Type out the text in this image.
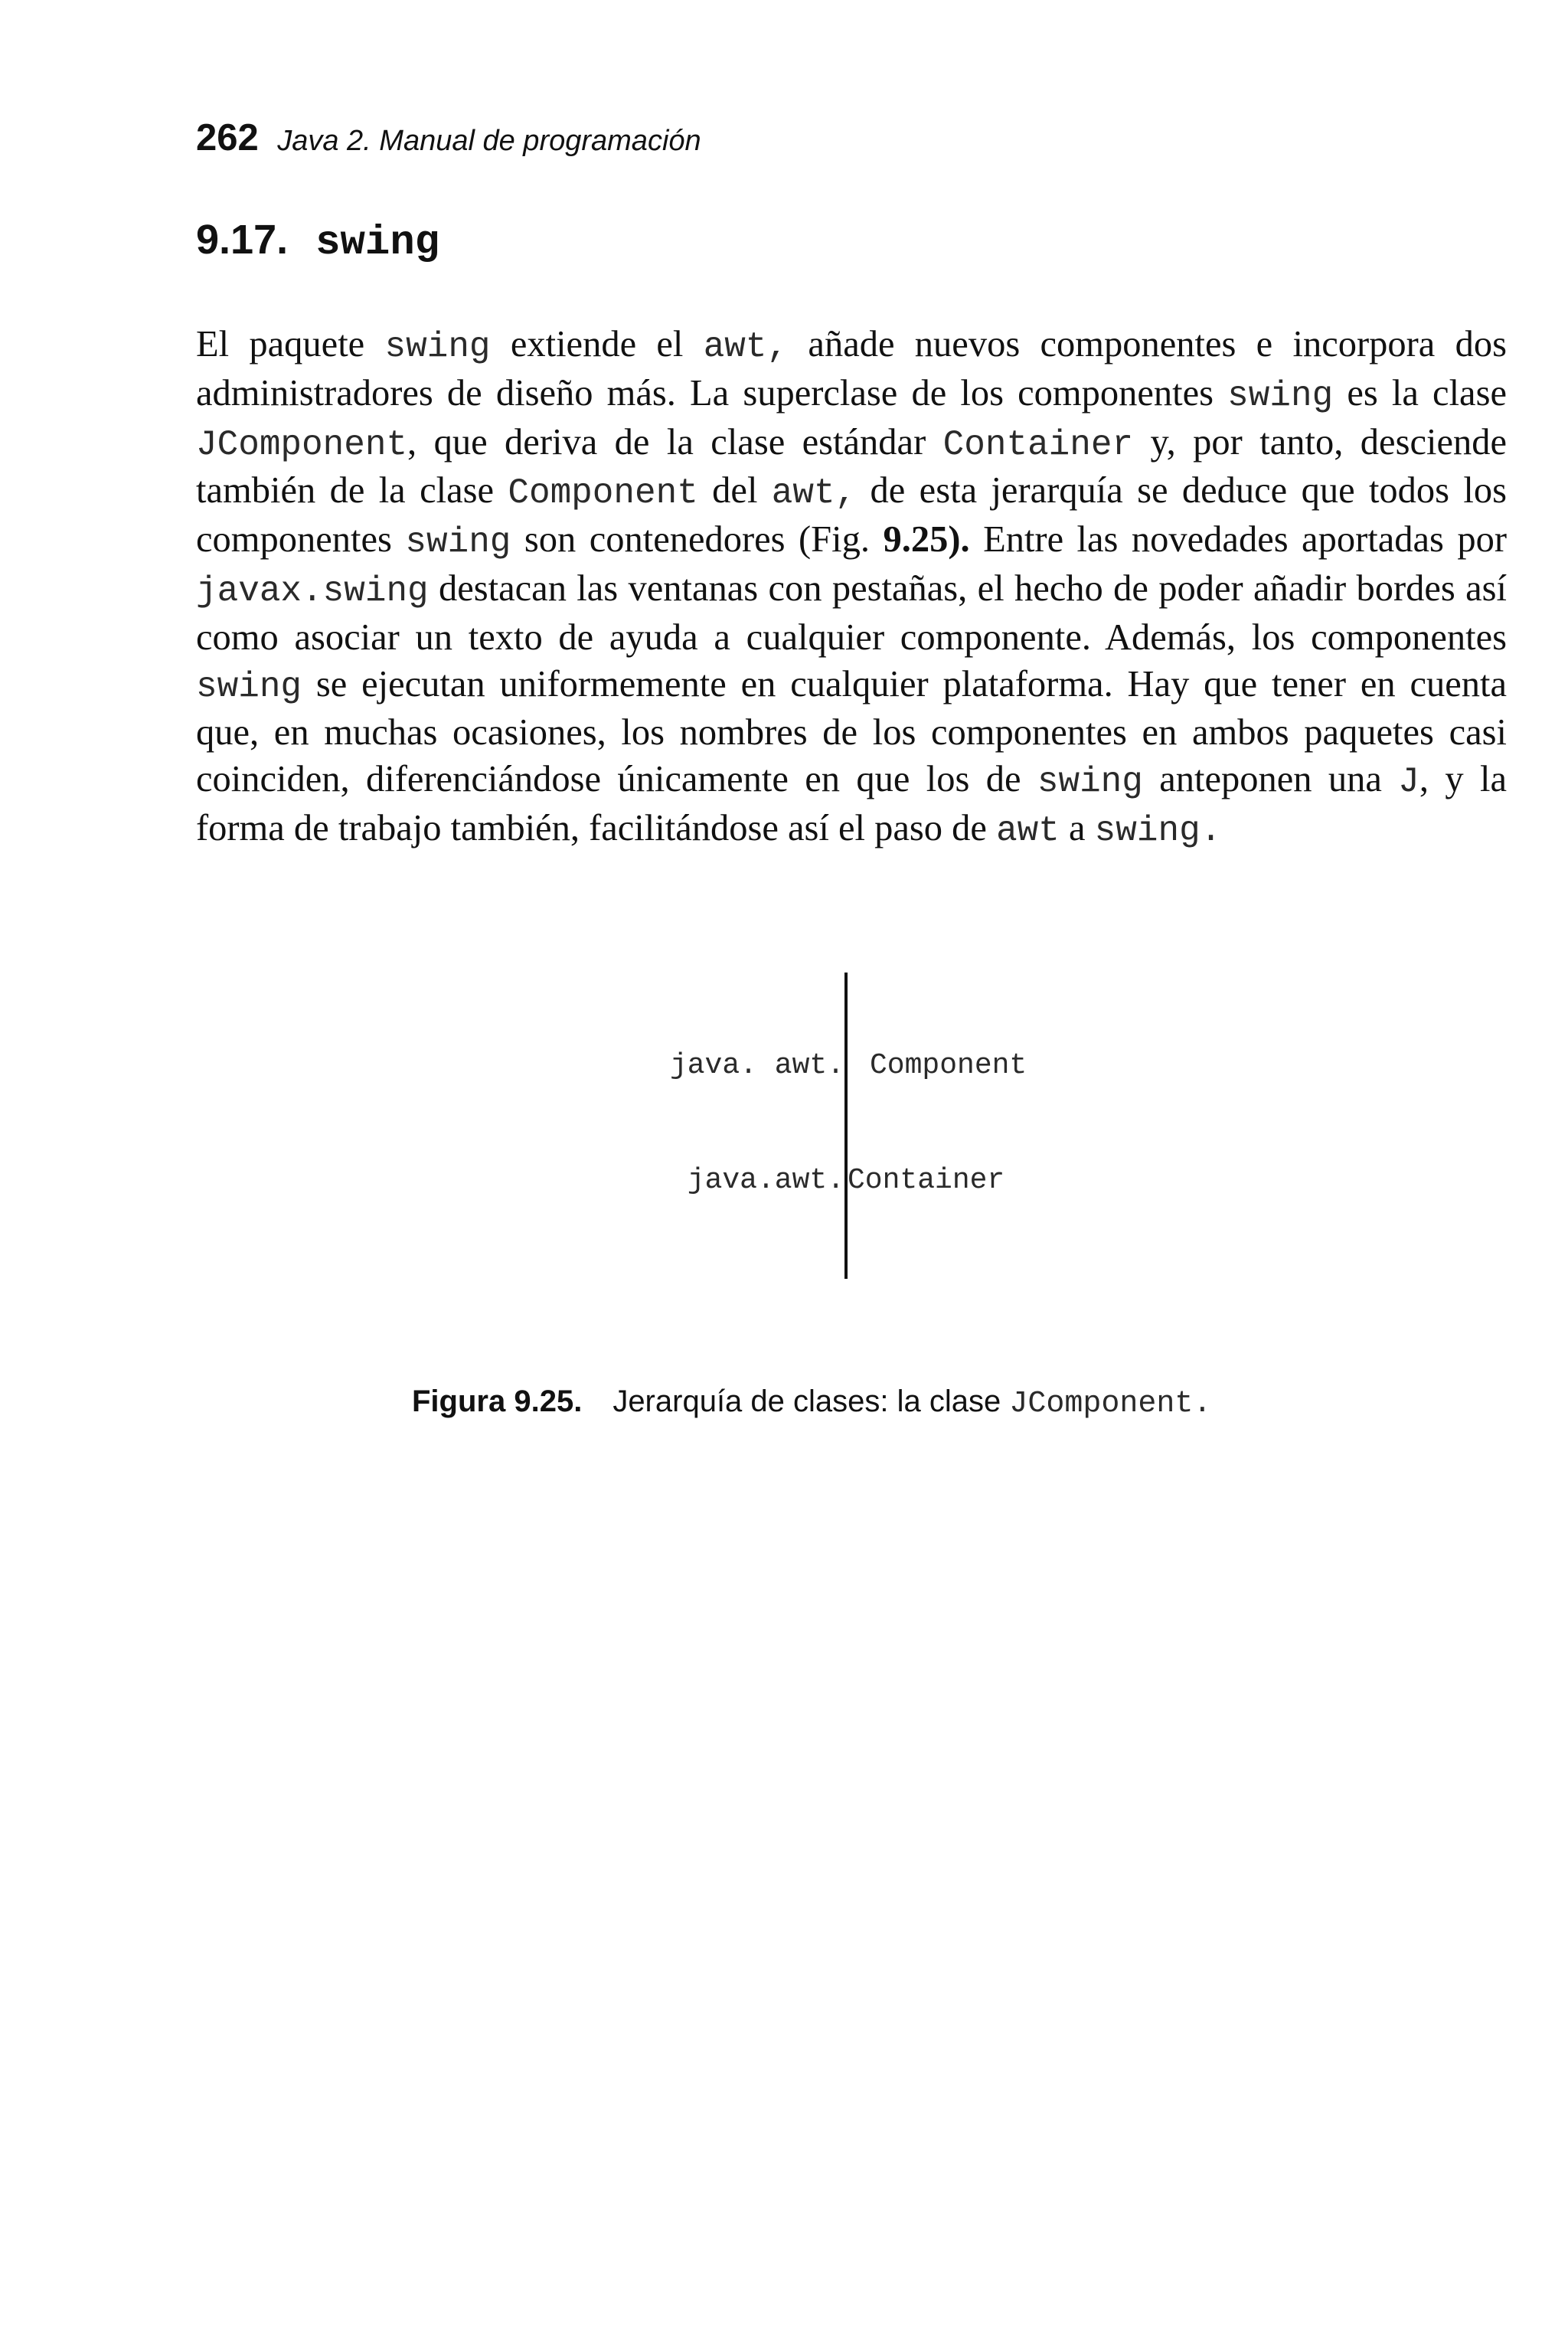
262 Java 2. Manual de programación
9.17. swing

El paquete swing extiende el awt, añade nuevos componentes e incorpora dos administradores de diseño más. La superclase de los componentes swing es la clase JComponent, que deriva de la clase estándar Container y, por tanto, desciende también de la clase Component del awt, de esta jerarquía se deduce que todos los componentes swing son contenedores (Fig. 9.25). Entre las novedades aportadas por javax.swing destacan las ventanas con pestañas, el hecho de poder añadir bordes así como asociar un texto de ayuda a cualquier componente. Además, los componentes swing se ejecutan uniformemente en cualquier plataforma. Hay que tener en cuenta que, en muchas ocasiones, los nombres de los componentes en ambos paquetes casi coinciden, diferenciándose únicamente en que los de swing anteponen una J, y la forma de trabajo también, facilitándose así el paso de awt a swing.

java. awt. Component
java.awt. Container
Figura 9.25. Jerarquía de clases: la clase JComponent.
